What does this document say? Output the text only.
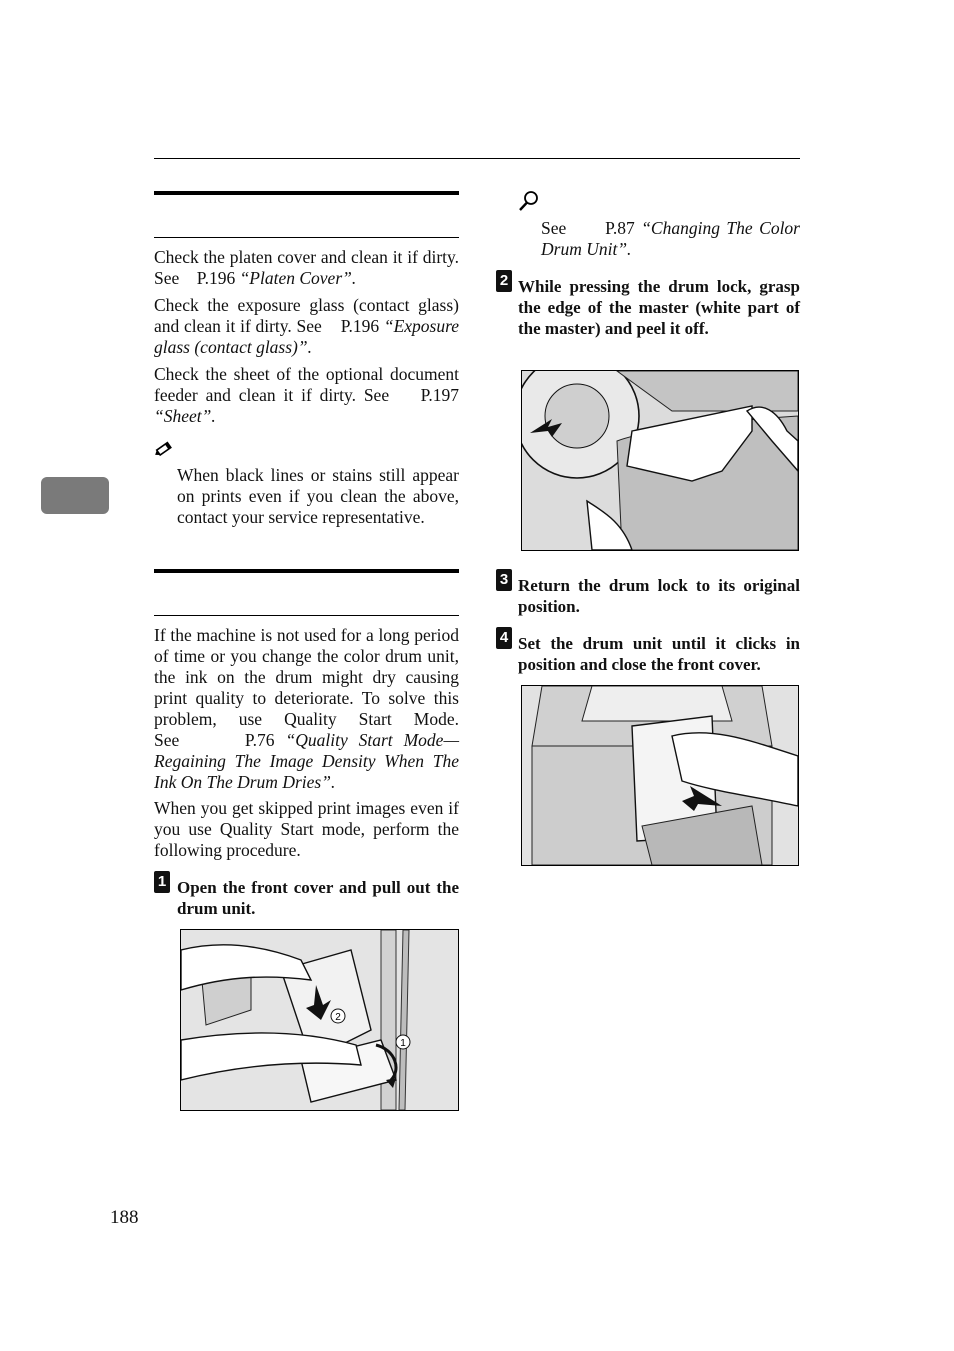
Check the platen cover and clean it if dirty. See P.196 “Platen Cover”.
Check the exposure glass (contact glass) and clean it if dirty. See P.196 “Exposure glass (contact glass)”.
Check the sheet of the optional document feeder and clean it if dirty. See P.197 “Sheet”.
When black lines or stains still appear on prints even if you clean the above, contact your service representative.
If the machine is not used for a long period of time or you change the color drum unit, the ink on the drum might dry causing print quality to deteriorate. To solve this problem, use Quality Start Mode. See	P.76 “Quality Start Mode— Regaining The Image Density When The Ink On The Drum Dries”.
When you get skipped print images even if you use Quality Start mode, perform the following procedure.
1 Open the front cover and pull out the drum unit.
2
1
See P.87 “Changing The Color Drum Unit”.
2 While pressing the drum lock, grasp the edge of the master (white part of the master) and peel it off.
3 Return the drum lock to its original position.
4 Set the drum unit until it clicks in position and close the front cover.
188
